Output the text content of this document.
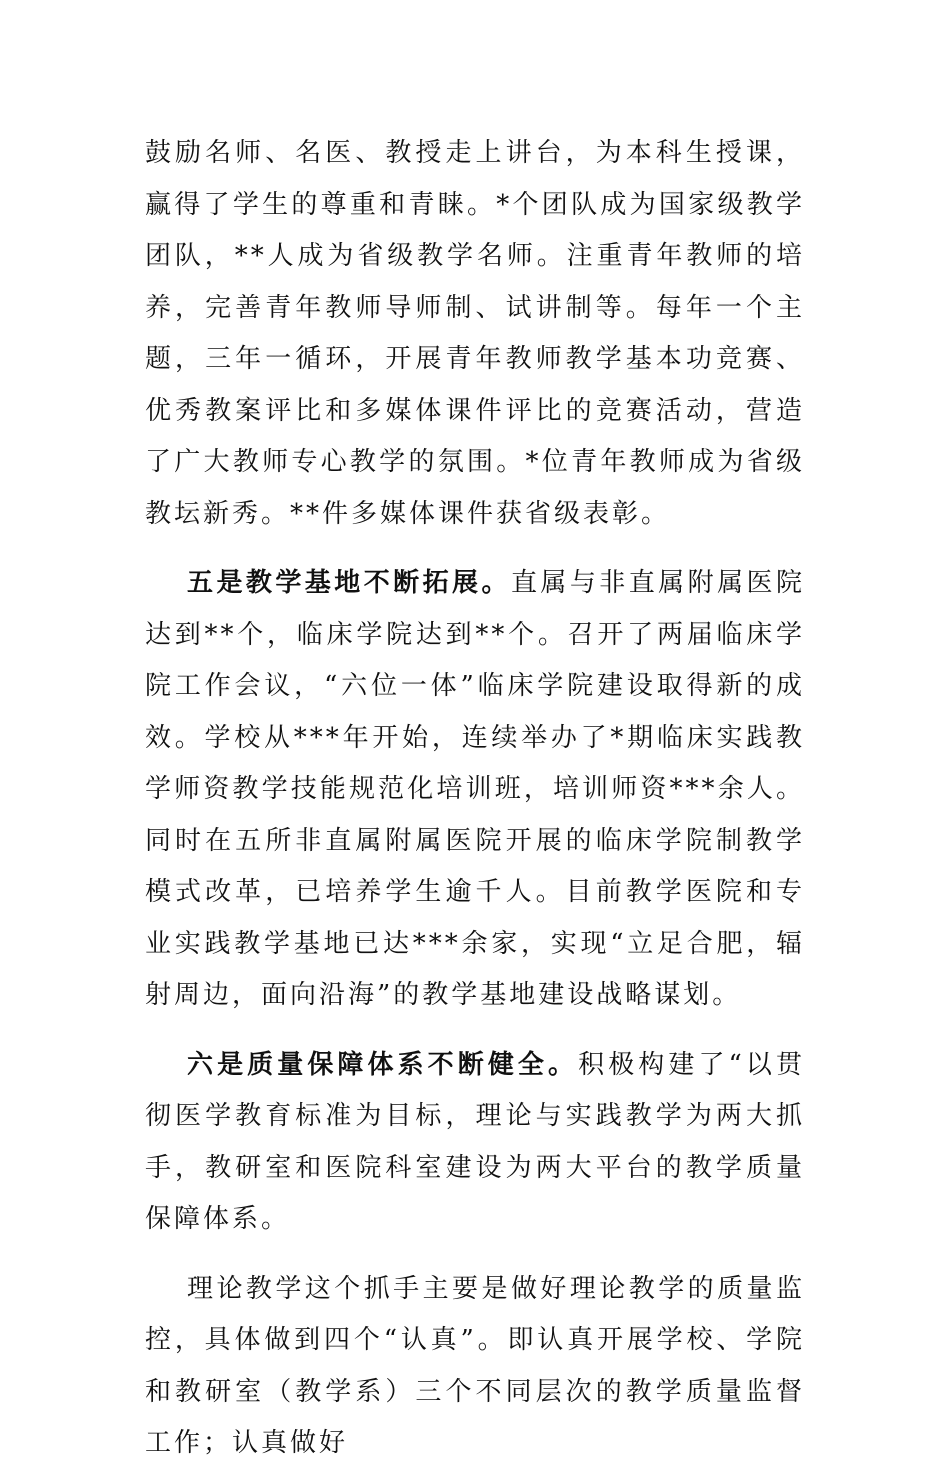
鼓励名师、名医、教授走上讲台，为本科生授课，赢得了学生的尊重和青睐。*个团队成为国家级教学团队，**人成为省级教学名师。注重青年教师的培养，完善青年教师导师制、试讲制等。每年一个主题，三年一循环，开展青年教师教学基本功竞赛、优秀教案评比和多媒体课件评比的竞赛活动，营造了广大教师专心教学的氛围。*位青年教师成为省级教坛新秀。**件多媒体课件获省级表彰。

五是教学基地不断拓展。直属与非直属附属医院达到**个，临床学院达到**个。召开了两届临床学院工作会议，“六位一体”临床学院建设取得新的成效。学校从***年开始，连续举办了*期临床实践教学师资教学技能规范化培训班，培训师资***余人。同时在五所非直属附属医院开展的临床学院制教学模式改革，已培养学生逾千人。目前教学医院和专业实践教学基地已达***余家，实现“立足合肥，辐射周边，面向沿海”的教学基地建设战略谋划。

六是质量保障体系不断健全。积极构建了“以贯彻医学教育标准为目标，理论与实践教学为两大抓手，教研室和医院科室建设为两大平台的教学质量保障体系。

理论教学这个抓手主要是做好理论教学的质量监控，具体做到四个“认真”。即认真开展学校、学院和教研室（教学系）三个不同层次的教学质量监督工作；认真做好
